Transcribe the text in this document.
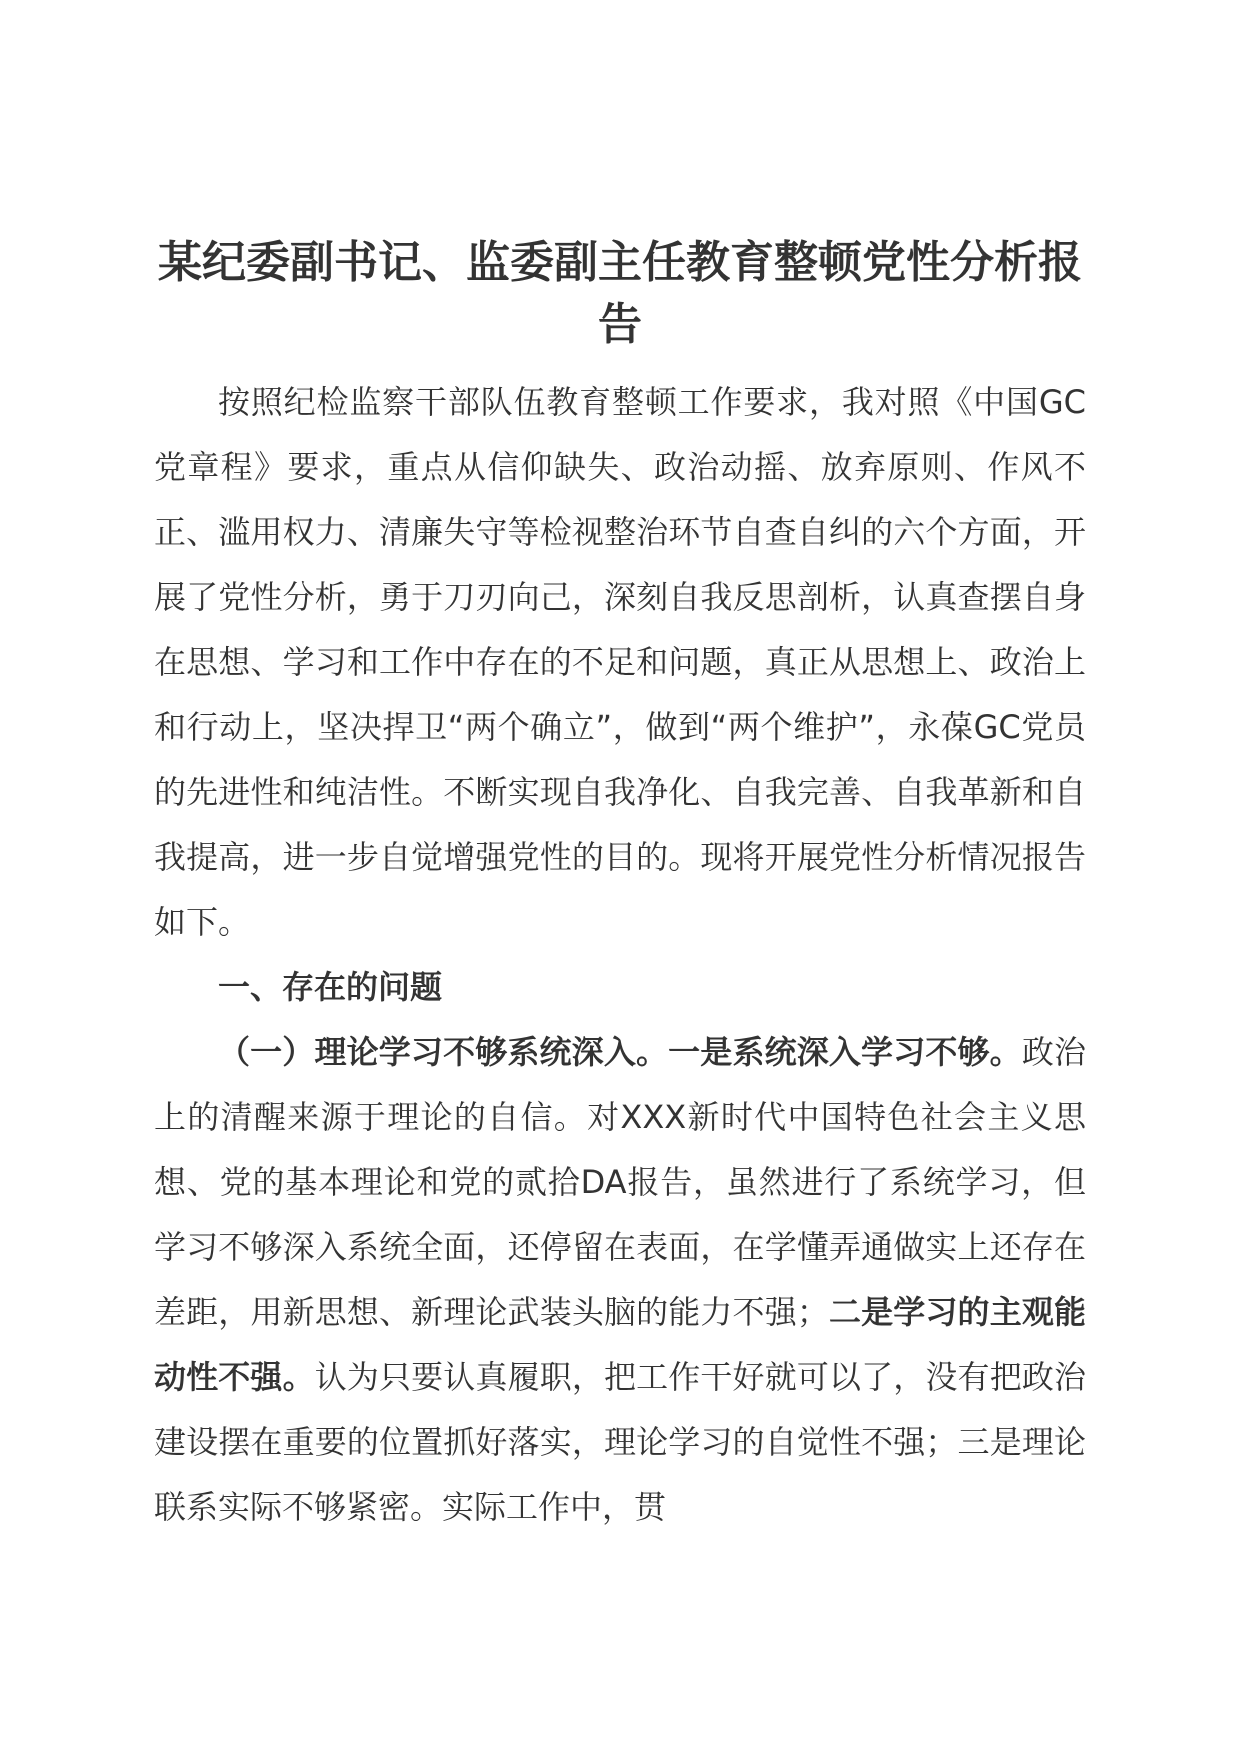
某纪委副书记、监委副主任教育整顿党性分析报告

按照纪检监察干部队伍教育整顿工作要求，我对照《中国GC党章程》要求，重点从信仰缺失、政治动摇、放弃原则、作风不正、滥用权力、清廉失守等检视整治环节自查自纠的六个方面，开展了党性分析，勇于刀刃向己，深刻自我反思剖析，认真查摆自身在思想、学习和工作中存在的不足和问题，真正从思想上、政治上和行动上，坚决捍卫“两个确立”，做到“两个维护”，永葆GC党员的先进性和纯洁性。不断实现自我净化、自我完善、自我革新和自我提高，进一步自觉增强党性的目的。现将开展党性分析情况报告如下。

一、存在的问题

（一）理论学习不够系统深入。一是系统深入学习不够。政治上的清醒来源于理论的自信。对XXX新时代中国特色社会主义思想、党的基本理论和党的贰拾DA报告，虽然进行了系统学习，但学习不够深入系统全面，还停留在表面，在学懂弄通做实上还存在差距，用新思想、新理论武装头脑的能力不强；二是学习的主观能动性不强。认为只要认真履职，把工作干好就可以了，没有把政治建设摆在重要的位置抓好落实，理论学习的自觉性不强；三是理论联系实际不够紧密。实际工作中，贯
